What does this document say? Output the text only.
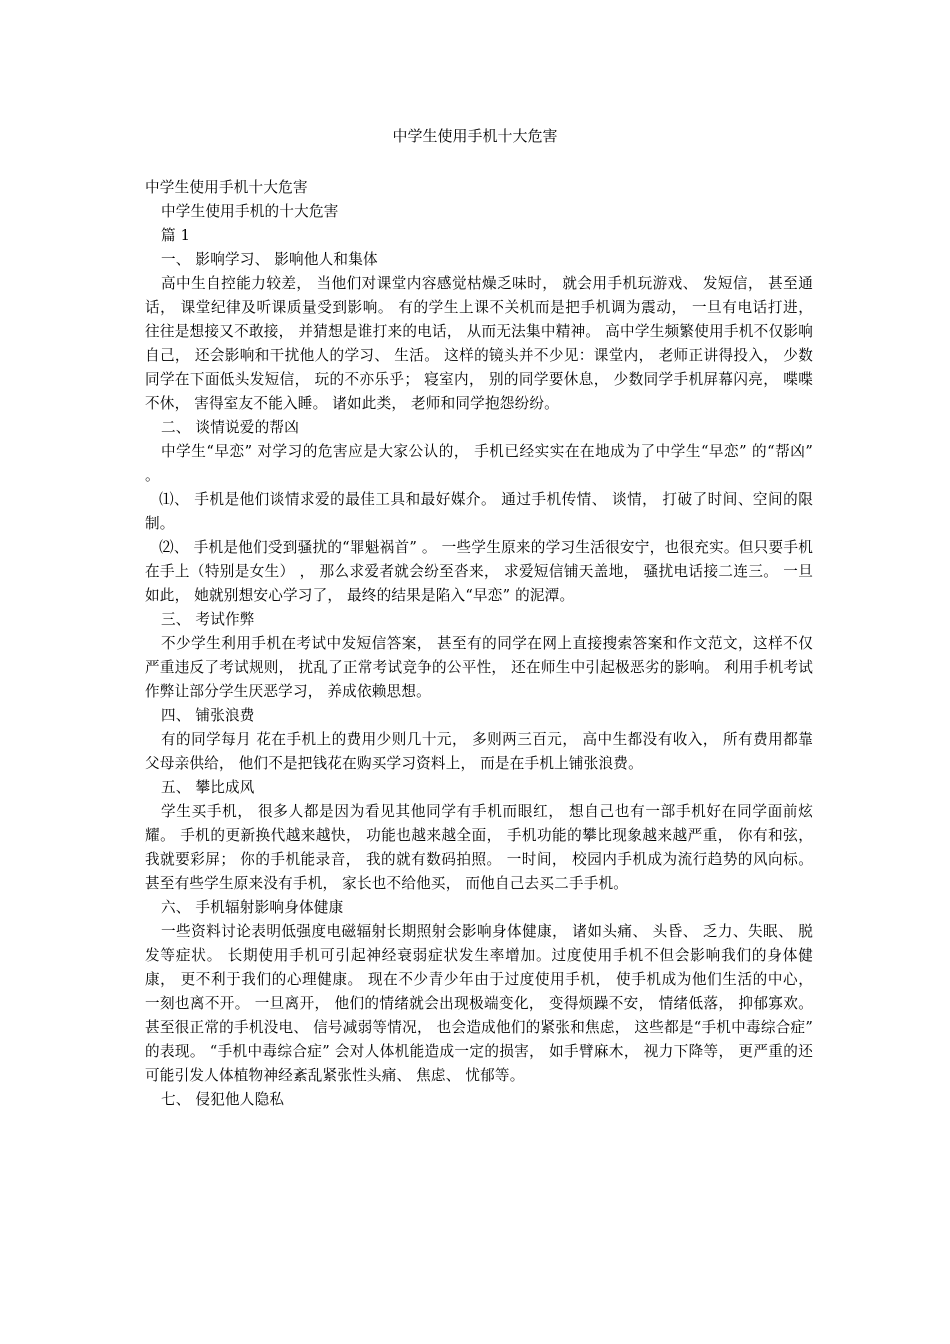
中学生使用手机十大危害

中学生使用手机十大危害

中学生使用手机的十大危害

篇 1

一、 影响学习、 影响他人和集体

高中生自控能力较差， 当他们对课堂内容感觉枯燥乏味时， 就会用手机玩游戏、 发短信， 甚至通话， 课堂纪律及听课质量受到影响。 有的学生上课不关机而是把手机调为震动， 一旦有电话打进， 往往是想接又不敢接， 并猜想是谁打来的电话， 从而无法集中精神。 高中学生频繁使用手机不仅影响自己， 还会影响和干扰他人的学习、 生活。 这样的镜头并不少见：课堂内， 老师正讲得投入， 少数同学在下面低头发短信， 玩的不亦乐乎； 寝室内， 别的同学要休息， 少数同学手机屏幕闪亮， 喋喋不休， 害得室友不能入睡。 诸如此类， 老师和同学抱怨纷纷。

二、 谈情说爱的帮凶

中学生“早恋” 对学习的危害应是大家公认的， 手机已经实实在在地成为了中学生“早恋” 的“帮凶” 。

⑴、 手机是他们谈情求爱的最佳工具和最好媒介。 通过手机传情、 谈情， 打破了时间、空间的限制。

⑵、 手机是他们受到骚扰的“罪魁祸首” 。 一些学生原来的学习生活很安宁，也很充实。但只要手机在手上（特别是女生） ， 那么求爱者就会纷至沓来， 求爱短信铺天盖地， 骚扰电话接二连三。 一旦如此， 她就别想安心学习了， 最终的结果是陷入“早恋” 的泥潭。

三、 考试作弊

不少学生利用手机在考试中发短信答案， 甚至有的同学在网上直接搜索答案和作文范文，这样不仅严重违反了考试规则， 扰乱了正常考试竞争的公平性， 还在师生中引起极恶劣的影响。 利用手机考试作弊让部分学生厌恶学习， 养成依赖思想。

四、 铺张浪费

有的同学每月 花在手机上的费用少则几十元， 多则两三百元， 高中生都没有收入， 所有费用都靠父母亲供给， 他们不是把钱花在购买学习资料上， 而是在手机上铺张浪费。

五、 攀比成风

学生买手机， 很多人都是因为看见其他同学有手机而眼红， 想自己也有一部手机好在同学面前炫耀。 手机的更新换代越来越快， 功能也越来越全面， 手机功能的攀比现象越来越严重， 你有和弦， 我就要彩屏； 你的手机能录音， 我的就有数码拍照。 一时间， 校园内手机成为流行趋势的风向标。 甚至有些学生原来没有手机， 家长也不给他买， 而他自己去买二手手机。

六、 手机辐射影响身体健康

一些资料讨论表明低强度电磁辐射长期照射会影响身体健康， 诸如头痛、 头昏、 乏力、失眠、 脱发等症状。 长期使用手机可引起神经衰弱症状发生率增加。过度使用手机不但会影响我们的身体健康， 更不利于我们的心理健康。 现在不少青少年由于过度使用手机， 使手机成为他们生活的中心， 一刻也离不开。 一旦离开， 他们的情绪就会出现极端变化， 变得烦躁不安， 情绪低落， 抑郁寡欢。甚至很正常的手机没电、 信号减弱等情况， 也会造成他们的紧张和焦虑， 这些都是“手机中毒综合症” 的表现。 “手机中毒综合症” 会对人体机能造成一定的损害， 如手臂麻木， 视力下降等， 更严重的还可能引发人体植物神经紊乱紧张性头痛、 焦虑、 忧郁等。

七、 侵犯他人隐私
